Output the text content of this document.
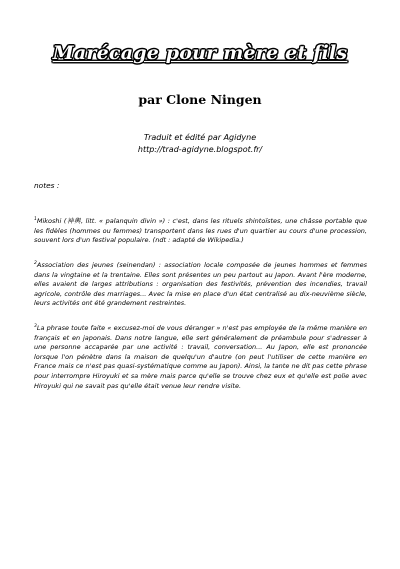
Marécage pour mère et fils
par Clone Ningen
Traduit et édité par Agidyne
http://trad-agidyne.blogspot.fr/
notes :
$^1$Mikoshi (神輿, litt. « palanquin divin ») : c'est, dans les rituels shintoïstes, une châsse portable que les fidèles (hommes ou femmes) transportent dans les rues d'un quartier au cours d'une procession, souvent lors d'un festival populaire. (ndt : adapté de Wikipedia.)
$^2$Association des jeunes (seinendan) : association locale composée de jeunes hommes et femmes dans la vingtaine et la trentaine. Elles sont présentes un peu partout au Japon. Avant l'ère moderne, elles avaient de larges attributions : organisation des festivités, prévention des incendies, travail agricole, contrôle des marriages... Avec la mise en place d'un état centralisé au dix-neuvième siècle, leurs activités ont été grandement restreintes.
$^3$La phrase toute faite « excusez-moi de vous déranger » n'est pas employée de la même manière en français et en japonais. Dans notre langue, elle sert généralement de préambule pour s'adresser à une personne accaparée par une activité : travail, conversation... Au Japon, elle est prononcée lorsque l'on pénètre dans la maison de quelqu'un d'autre (on peut l'utiliser de cette manière en France mais ce n'est pas quasi-systématique comme au Japon). Ainsi, la tante ne dit pas cette phrase pour interrompre Hiroyuki et sa mère mais parce qu'elle se trouve chez eux et qu'elle est polie avec Hiroyuki qui ne savait pas qu'elle était venue leur rendre visite.
